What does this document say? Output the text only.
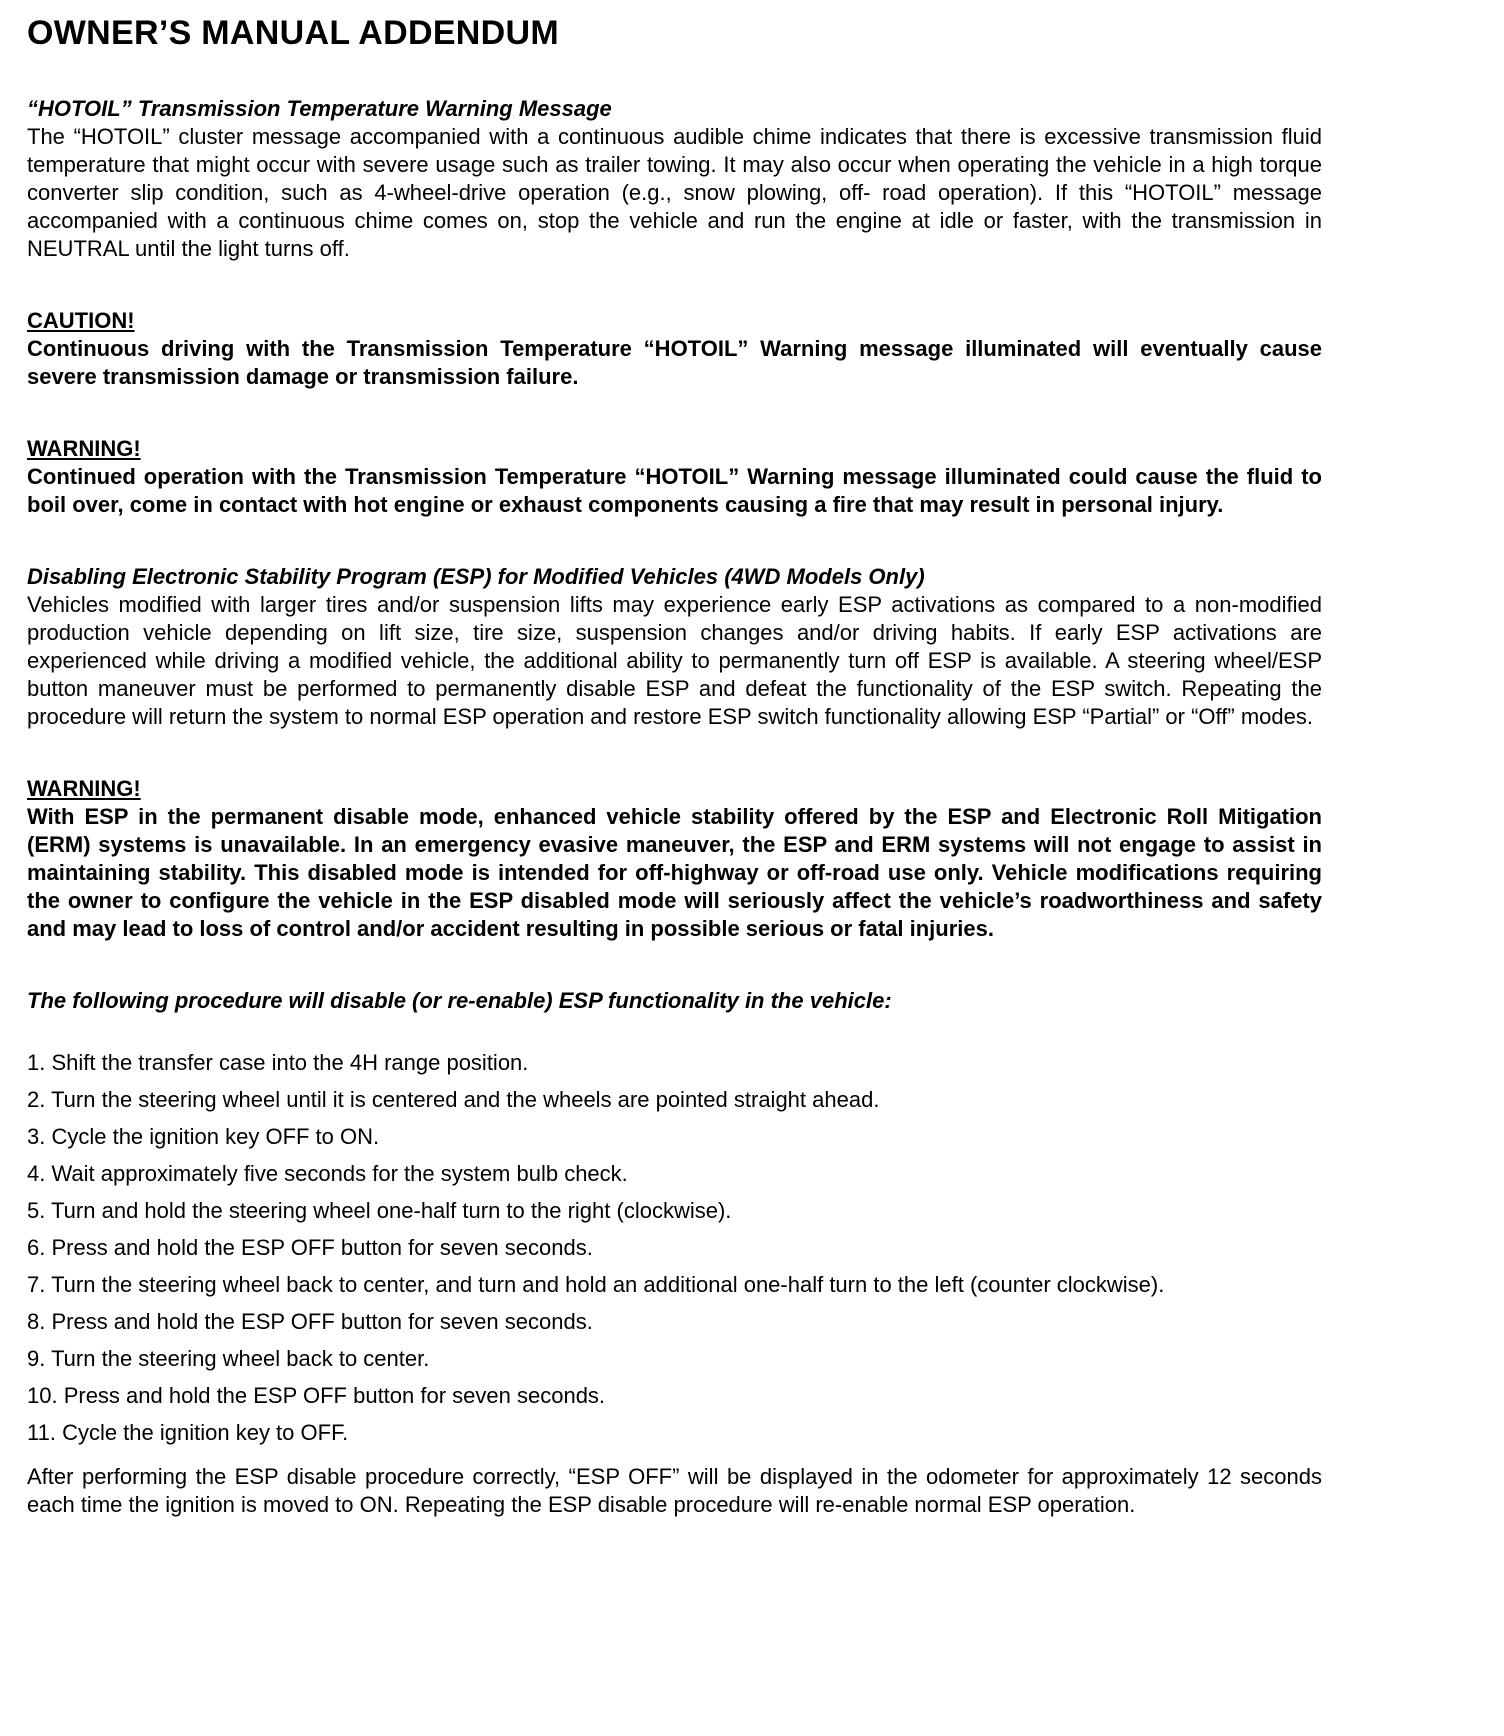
OWNER’S MANUAL ADDENDUM
“HOTOIL” Transmission Temperature Warning Message

The “HOTOIL” cluster message accompanied with a continuous audible chime indicates that there is excessive transmission fluid temperature that might occur with severe usage such as trailer towing. It may also occur when operating the vehicle in a high torque converter slip condition, such as 4-wheel-drive operation (e.g., snow plowing, off- road operation). If this “HOTOIL” message accompanied with a continuous chime comes on, stop the vehicle and run the engine at idle or faster, with the transmission in NEUTRAL until the light turns off.

CAUTION!

Continuous driving with the Transmission Temperature “HOTOIL” Warning message illuminated will eventually cause severe transmission damage or transmission failure.

WARNING!

Continued operation with the Transmission Temperature “HOTOIL” Warning message illuminated could cause the fluid to boil over, come in contact with hot engine or exhaust components causing a fire that may result in personal injury.

Disabling Electronic Stability Program (ESP) for Modified Vehicles (4WD Models Only)

Vehicles modified with larger tires and/or suspension lifts may experience early ESP activations as compared to a non-modified production vehicle depending on lift size, tire size, suspension changes and/or driving habits. If early ESP activations are experienced while driving a modified vehicle, the additional ability to permanently turn off ESP is available. A steering wheel/ESP button maneuver must be performed to permanently disable ESP and defeat the functionality of the ESP switch. Repeating the procedure will return the system to normal ESP operation and restore ESP switch functionality allowing ESP “Partial” or “Off” modes.

WARNING!

With ESP in the permanent disable mode, enhanced vehicle stability offered by the ESP and Electronic Roll Mitigation (ERM) systems is unavailable. In an emergency evasive maneuver, the ESP and ERM systems will not engage to assist in maintaining stability. This disabled mode is intended for off-highway or off-road use only. Vehicle modifications requiring the owner to configure the vehicle in the ESP disabled mode will seriously affect the vehicle’s roadworthiness and safety and may lead to loss of control and/or accident resulting in possible serious or fatal injuries.

The following procedure will disable (or re-enable) ESP functionality in the vehicle:
1. Shift the transfer case into the 4H range position.
2. Turn the steering wheel until it is centered and the wheels are pointed straight ahead.
3. Cycle the ignition key OFF to ON.
4. Wait approximately five seconds for the system bulb check.
5. Turn and hold the steering wheel one-half turn to the right (clockwise).
6. Press and hold the ESP OFF button for seven seconds.
7. Turn the steering wheel back to center, and turn and hold an additional one-half turn to the left (counter clockwise).
8. Press and hold the ESP OFF button for seven seconds.
9. Turn the steering wheel back to center.
10. Press and hold the ESP OFF button for seven seconds.
11. Cycle the ignition key to OFF.

After performing the ESP disable procedure correctly, “ESP OFF” will be displayed in the odometer for approximately 12 seconds each time the ignition is moved to ON. Repeating the ESP disable procedure will re-enable normal ESP operation.
